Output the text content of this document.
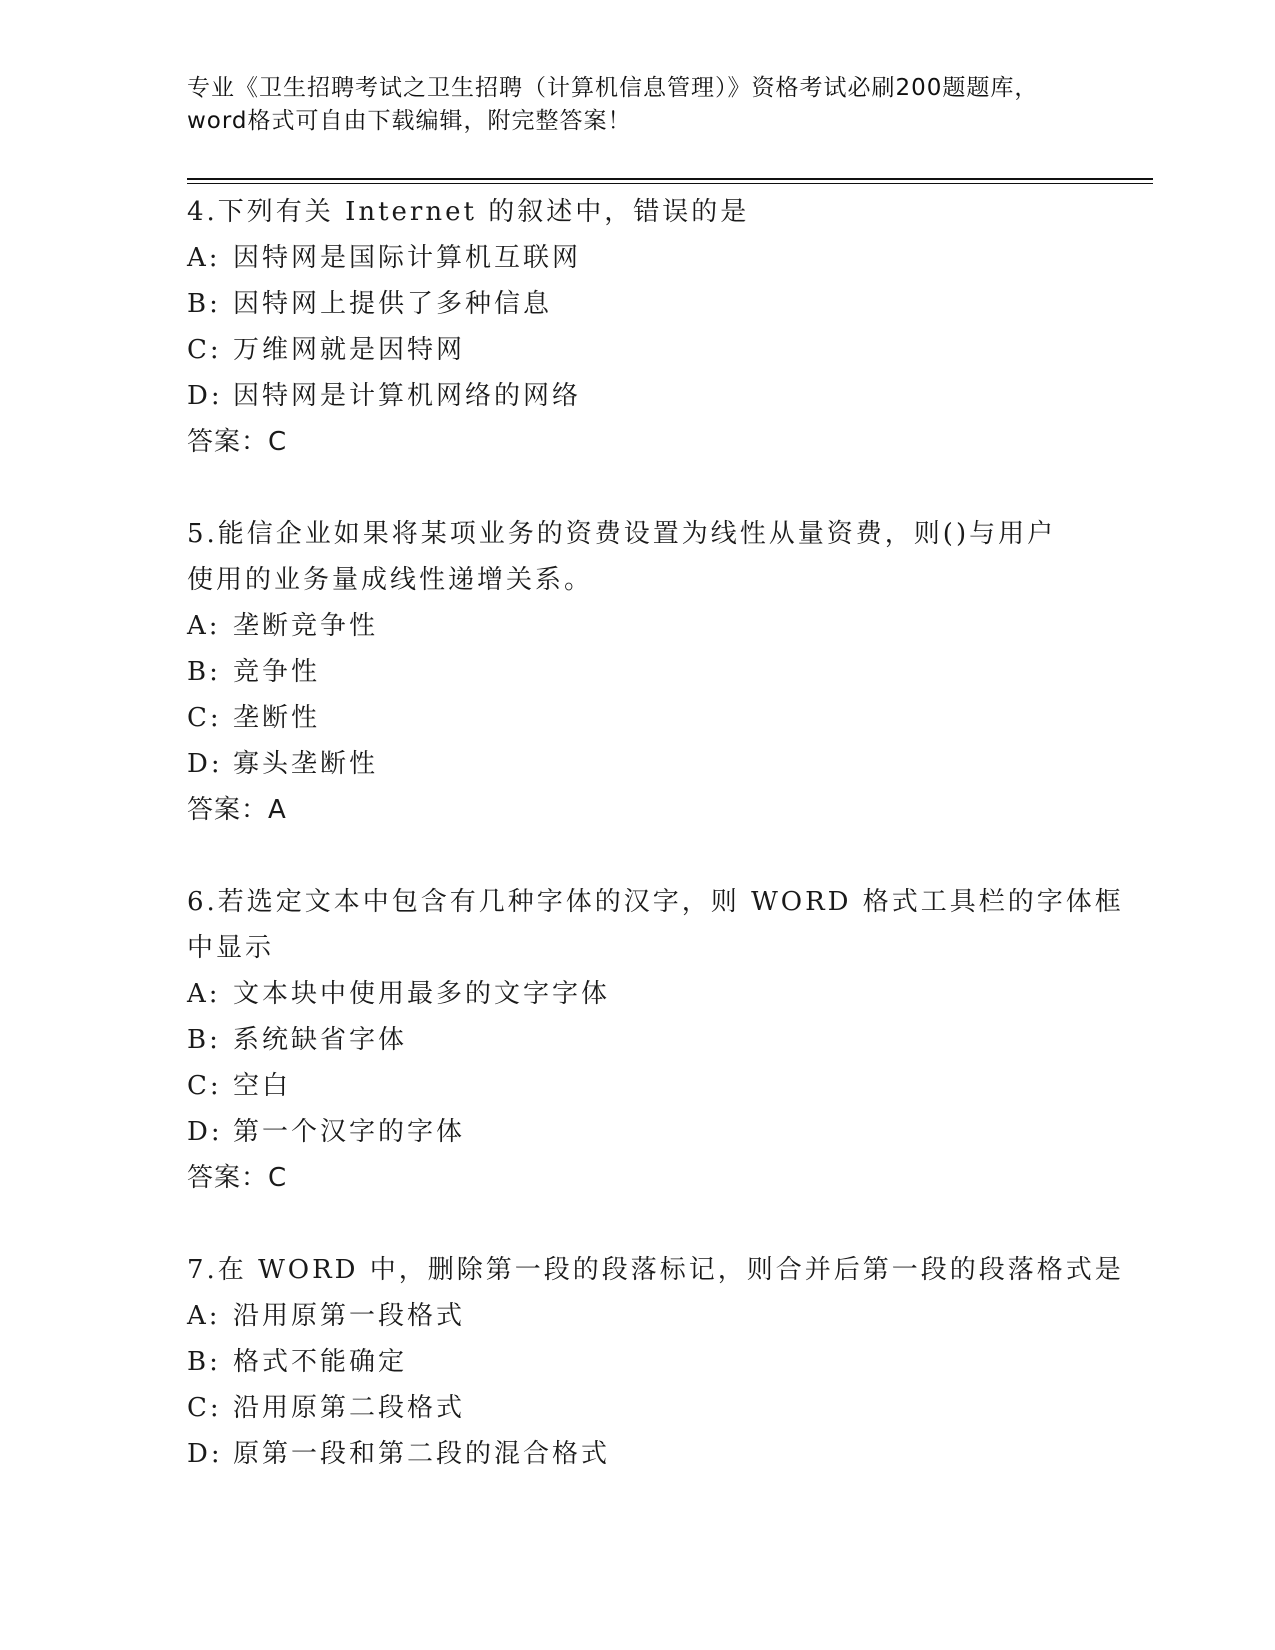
专业《卫生招聘考试之卫生招聘（计算机信息管理）》资格考试必刷200题题库，
word格式可自由下载编辑，附完整答案！
4.下列有关 Internet 的叙述中，错误的是
A: 因特网是国际计算机互联网
B: 因特网上提供了多种信息
C: 万维网就是因特网
D: 因特网是计算机网络的网络
答案：C
5.能信企业如果将某项业务的资费设置为线性从量资费，则()与用户
使用的业务量成线性递增关系。
A: 垄断竞争性
B: 竞争性
C: 垄断性
D: 寡头垄断性
答案：A
6.若选定文本中包含有几种字体的汉字，则 WORD 格式工具栏的字体框
中显示
A: 文本块中使用最多的文字字体
B: 系统缺省字体
C: 空白
D: 第一个汉字的字体
答案：C
7.在 WORD 中，删除第一段的段落标记，则合并后第一段的段落格式是
A: 沿用原第一段格式
B: 格式不能确定
C: 沿用原第二段格式
D: 原第一段和第二段的混合格式
